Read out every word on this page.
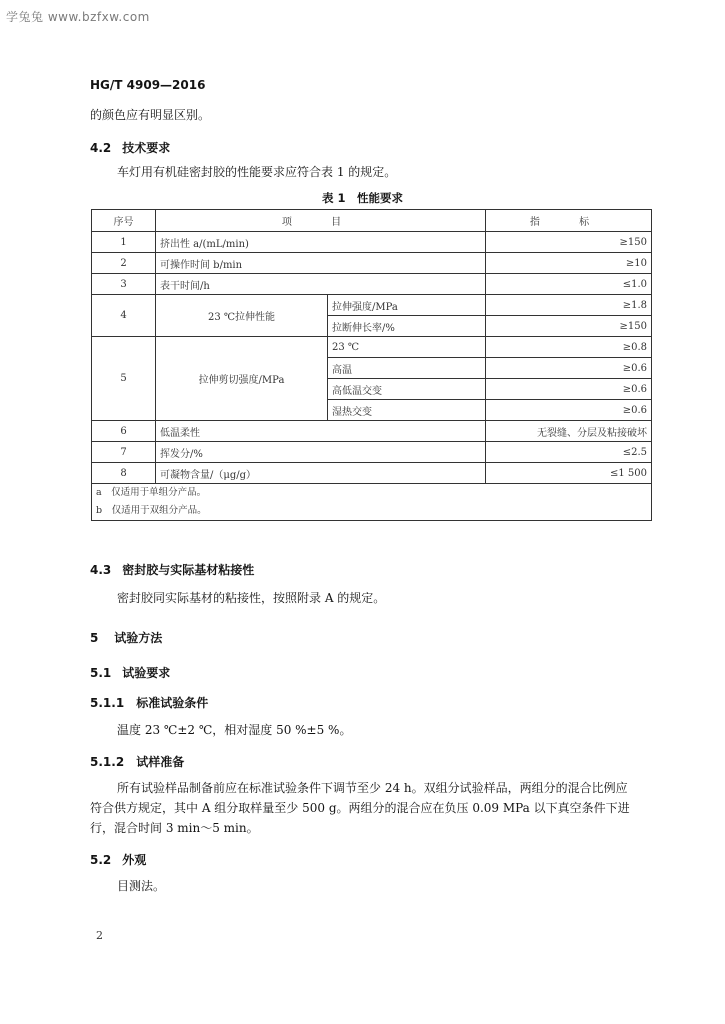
学兔兔 www.bzfxw.com
HG/T 4909—2016
的颜色应有明显区别。
4.2 技术要求
车灯用有机硅密封胶的性能要求应符合表 1 的规定。
表 1　性能要求
序号	项 目		指 标
1	挤出性 a/(mL/min)		≥150
2	可操作时间 b/min		≥10
3	表干时间/h		≤1.0
4	23 ℃拉伸性能	拉伸强度/MPa	≥1.8
		拉断伸长率/%	≥150
5	拉伸剪切强度/MPa	23 ℃	≥0.8
		高温	≥0.6
		高低温交变	≥0.6
		湿热交变	≥0.6
6	低温柔性		无裂缝、分层及粘接破坏
7	挥发分/%		≤2.5
8	可凝物含量/（μg/g）		≤1 500

a　仅适用于单组分产品。
b　仅适用于双组分产品。			
4.3 密封胶与实际基材粘接性
密封胶同实际基材的粘接性，按照附录 A 的规定。
5 试验方法
5.1 试验要求
5.1.1 标准试验条件
温度 23 ℃±2 ℃，相对湿度 50 %±5 %。
5.1.2 试样准备
所有试验样品制备前应在标准试验条件下调节至少 24 h。双组分试验样品，两组分的混合比例应
符合供方规定，其中 A 组分取样量至少 500 g。两组分的混合应在负压 0.09 MPa 以下真空条件下进
行，混合时间 3 min～5 min。
5.2 外观
目测法。
2
